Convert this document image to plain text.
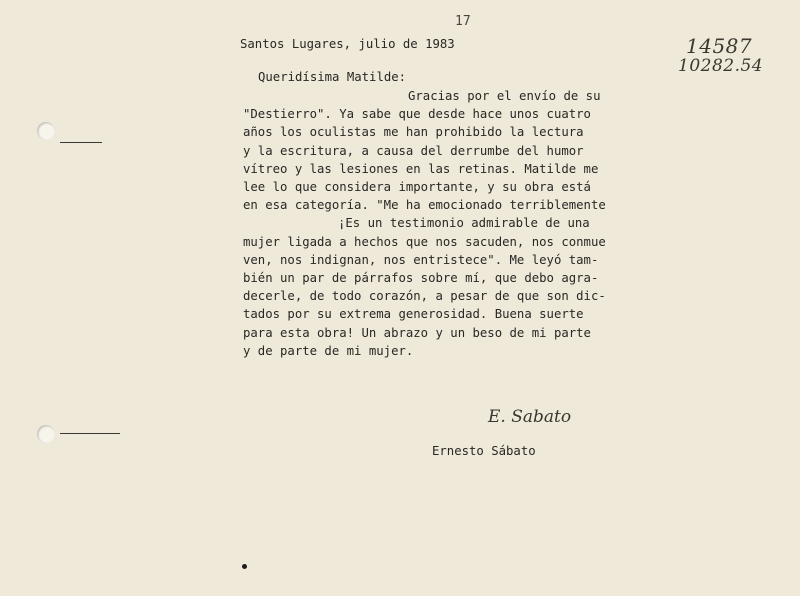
17
14587
10282.54
Santos Lugares, julio de 1983
Queridísima Matilde:
Gracias por el envío de su
"Destierro". Ya sabe que desde hace unos cuatro
años los oculistas me han prohibido la lectura
y la escritura, a causa del derrumbe del humor
vítreo y las lesiones en las retinas. Matilde me
lee lo que considera importante, y su obra está
en esa categoría. "Me ha emocionado terriblemente
¡Es un testimonio admirable de una
mujer ligada a hechos que nos sacuden, nos conmue
ven, nos indignan, nos entristece". Me leyó tam-
bién un par de párrafos sobre mí, que debo agra-
decerle, de todo corazón, a pesar de que son dic-
tados por su extrema generosidad. Buena suerte
para esta obra! Un abrazo y un beso de mi parte
y de parte de mi mujer.
E. Sabato
Ernesto Sábato
